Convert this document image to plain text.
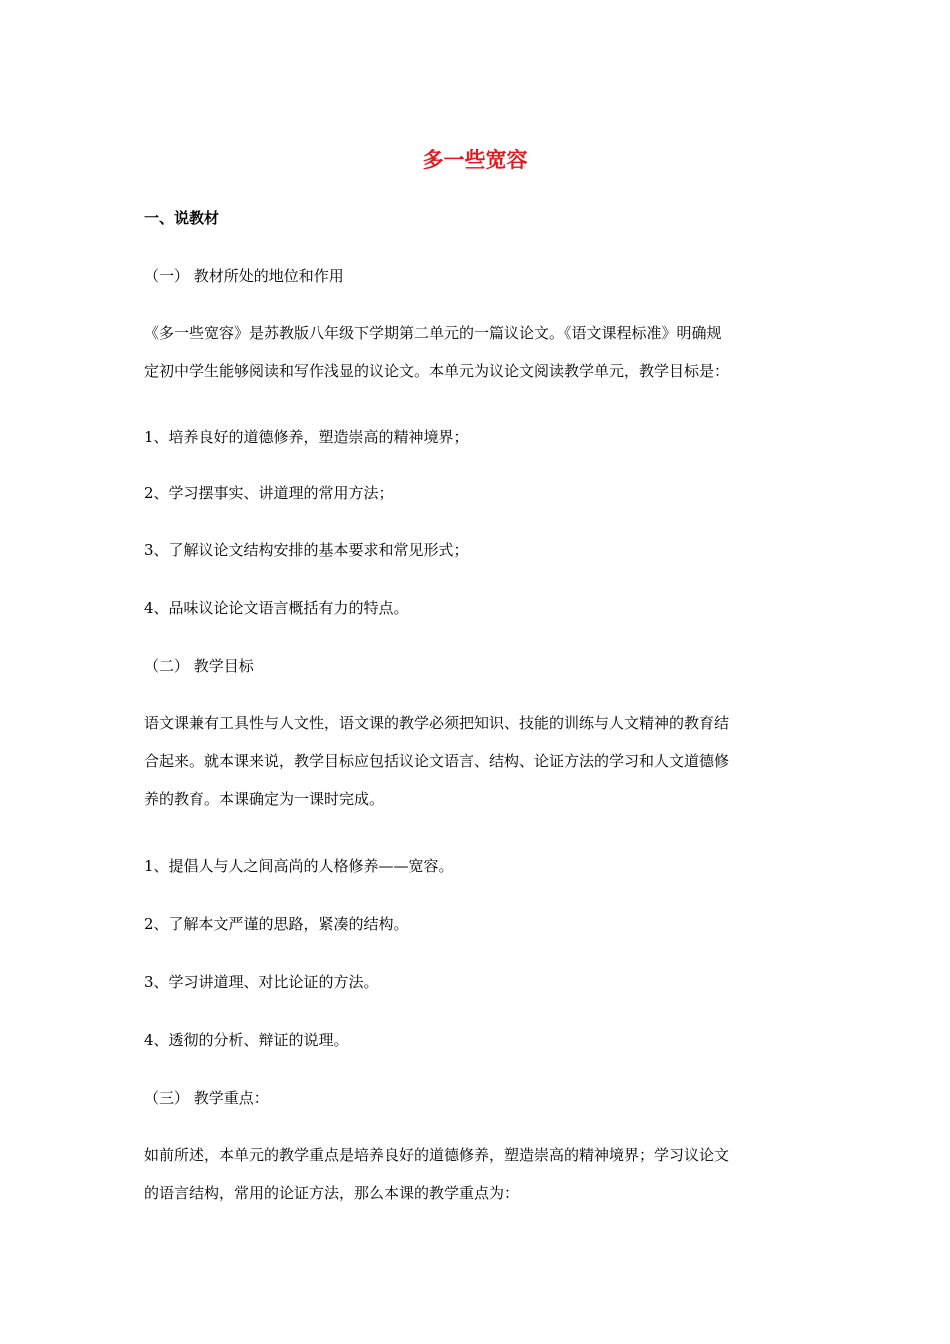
多一些宽容
一、说教材
（一） 教材所处的地位和作用
《多一些宽容》是苏教版八年级下学期第二单元的一篇议论文。《语文课程标准》明确规
定初中学生能够阅读和写作浅显的议论文。本单元为议论文阅读教学单元，教学目标是：
1、培养良好的道德修养，塑造崇高的精神境界；
2、学习摆事实、讲道理的常用方法；
3、了解议论文结构安排的基本要求和常见形式；
4、品味议论论文语言概括有力的特点。
（二） 教学目标
语文课兼有工具性与人文性，语文课的教学必须把知识、技能的训练与人文精神的教育结
合起来。就本课来说，教学目标应包括议论文语言、结构、论证方法的学习和人文道德修
养的教育。本课确定为一课时完成。
1、提倡人与人之间高尚的人格修养——宽容。
2、了解本文严谨的思路，紧凑的结构。
3、学习讲道理、对比论证的方法。
4、透彻的分析、辩证的说理。
（三） 教学重点：
如前所述，本单元的教学重点是培养良好的道德修养，塑造崇高的精神境界；学习议论文
的语言结构，常用的论证方法，那么本课的教学重点为：
